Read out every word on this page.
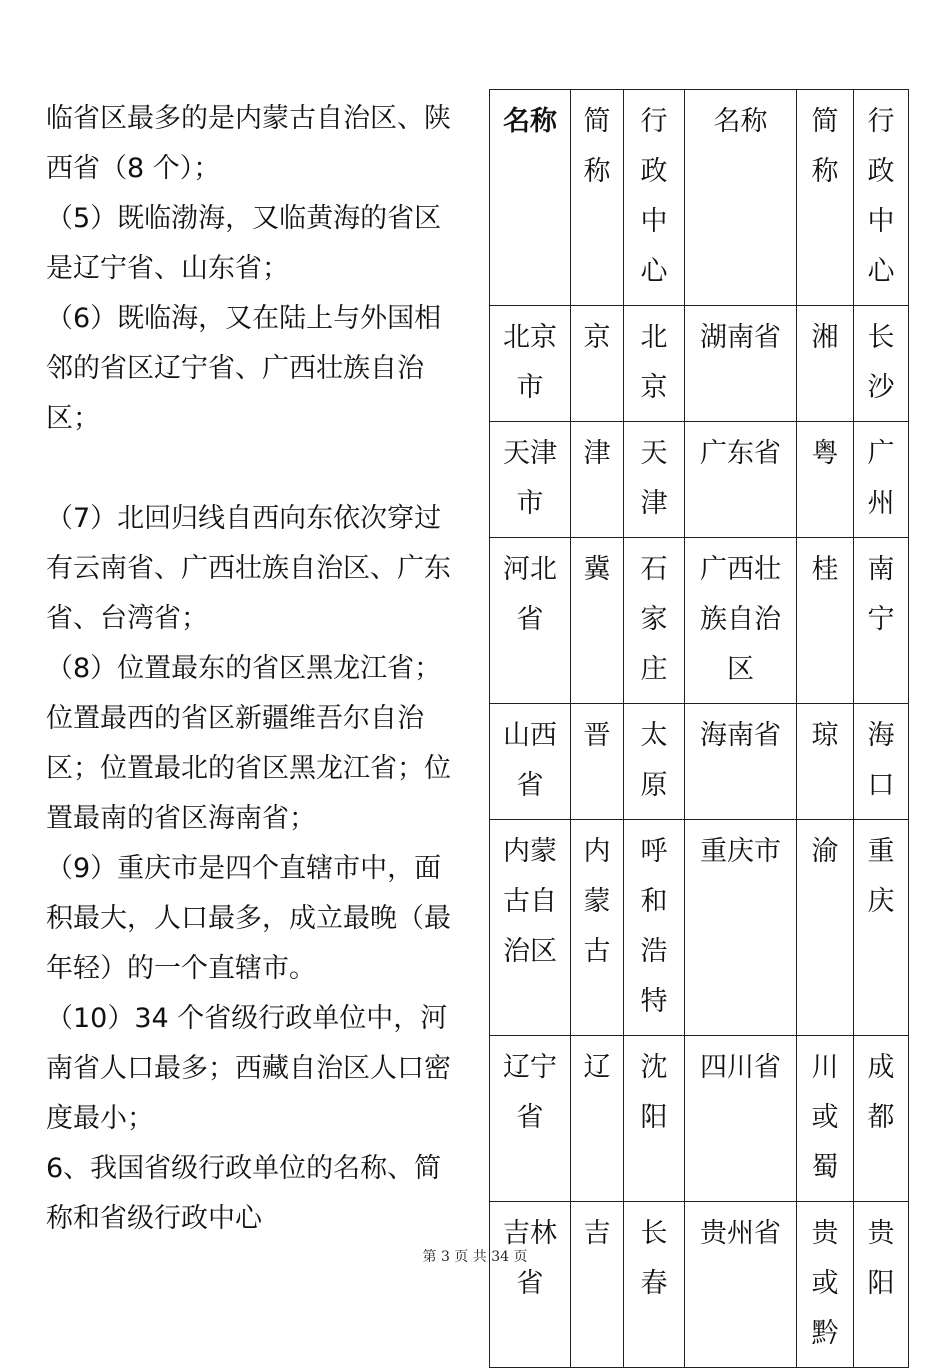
临省区最多的是内蒙古自治区、陕西省（8 个）；

（5）既临渤海，又临黄海的省区是辽宁省、山东省；

（6）既临海，又在陆上与外国相邻的省区辽宁省、广西壮族自治区；

（7）北回归线自西向东依次穿过有云南省、广西壮族自治区、广东省、台湾省；

（8）位置最东的省区黑龙江省；位置最西的省区新疆维吾尔自治区；位置最北的省区黑龙江省；位置最南的省区海南省；

（9）重庆市是四个直辖市中，面积最大，人口最多，成立最晚（最年轻）的一个直辖市。

（10）34 个省级行政单位中，河南省人口最多；西藏自治区人口密度最小；

6、我国省级行政单位的名称、简称和省级行政中心

名称	简称	行政中心	名称	简称	行政中心

北京市	京	北京	湖南省	湘	长沙

天津市	津	天津	广东省	粤	广州

河北省	冀	石家庄	广西壮族自治区	桂	南宁

山西省	晋	太原	海南省	琼	海口

内蒙古自治区	内蒙古	呼和浩特	重庆市	渝	重庆

辽宁省	辽	沈阳	四川省	川或蜀	成都

吉林省	吉	长春	贵州省	贵或黔	贵阳
第 3 页 共 34 页
